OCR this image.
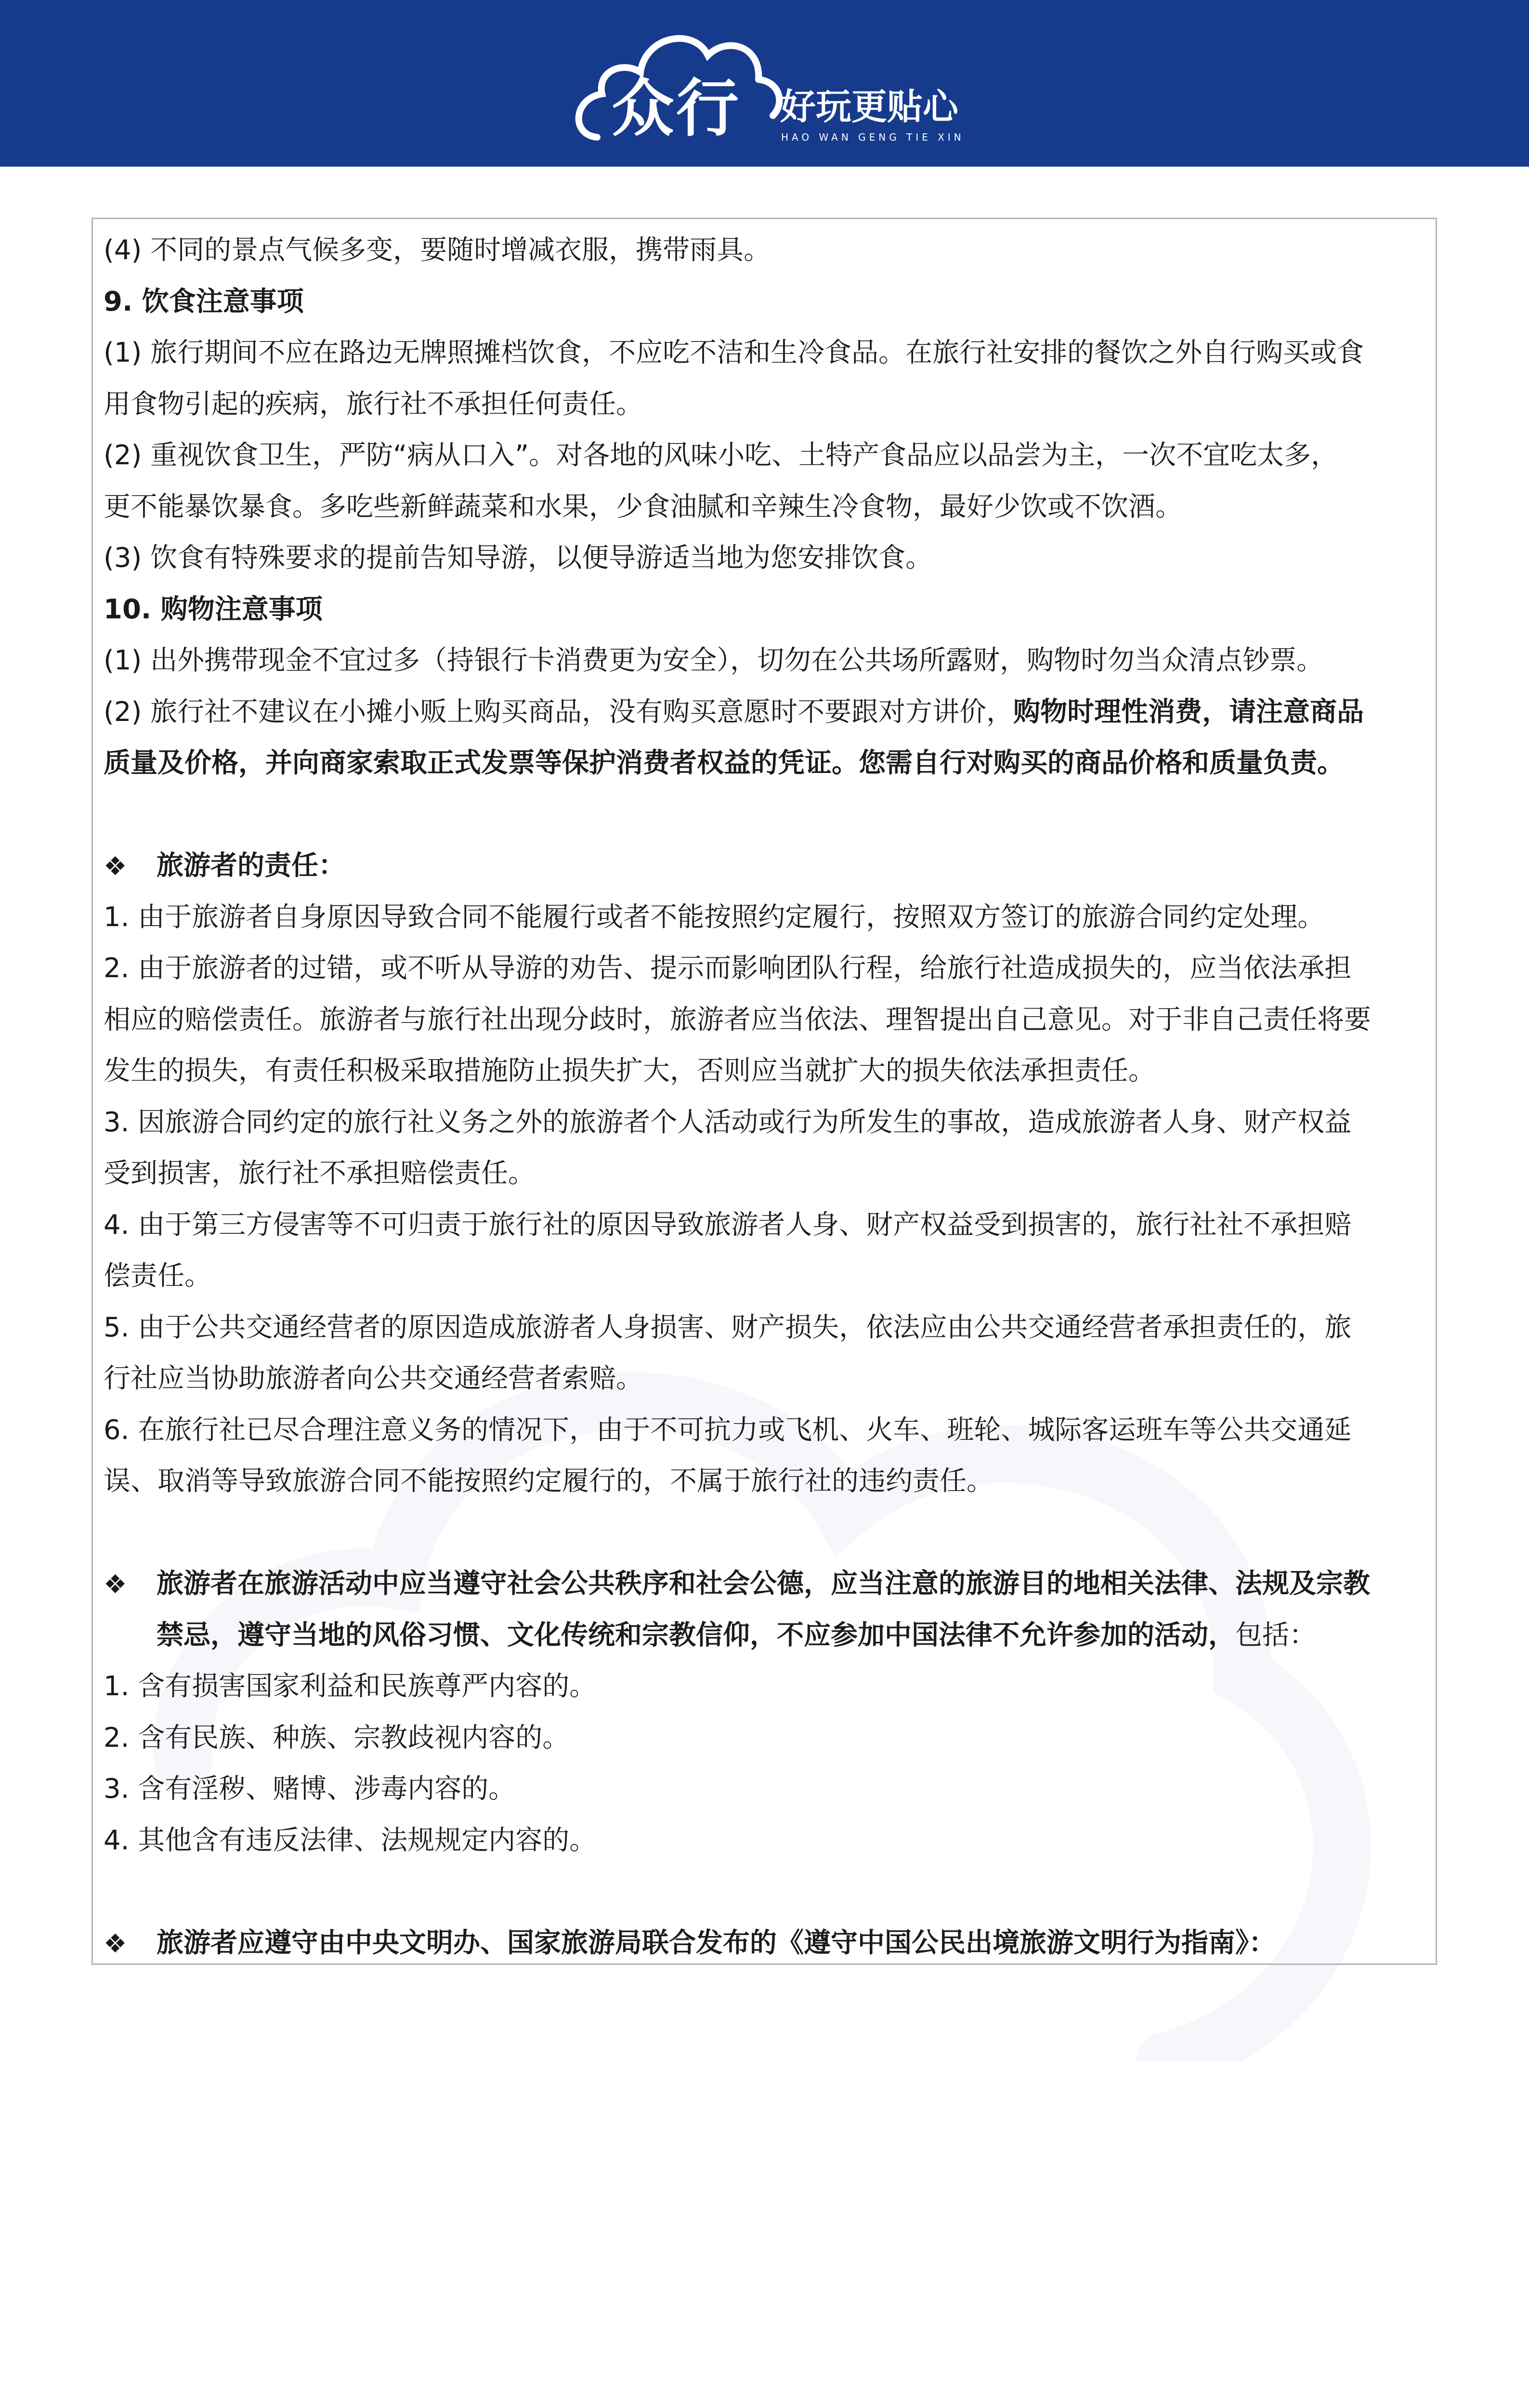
众行 好玩更贴心
HAO WAN GENG TIE XIN
(4) 不同的景点气候多变，要随时增减衣服，携带雨具。
9. 饮食注意事项
(1) 旅行期间不应在路边无牌照摊档饮食，不应吃不洁和生冷食品。在旅行社安排的餐饮之外自行购买或食
用食物引起的疾病，旅行社不承担任何责任。
(2) 重视饮食卫生，严防“病从口入”。对各地的风味小吃、土特产食品应以品尝为主，一次不宜吃太多，
更不能暴饮暴食。多吃些新鲜蔬菜和水果，少食油腻和辛辣生冷食物，最好少饮或不饮酒。
(3) 饮食有特殊要求的提前告知导游，以便导游适当地为您安排饮食。
10. 购物注意事项
(1) 出外携带现金不宜过多（持银行卡消费更为安全），切勿在公共场所露财，购物时勿当众清点钞票。
(2) 旅行社不建议在小摊小贩上购买商品，没有购买意愿时不要跟对方讲价，购物时理性消费，请注意商品
质量及价格，并向商家索取正式发票等保护消费者权益的凭证。您需自行对购买的商品价格和质量负责。
❖ 旅游者的责任：
1. 由于旅游者自身原因导致合同不能履行或者不能按照约定履行，按照双方签订的旅游合同约定处理。
2. 由于旅游者的过错，或不听从导游的劝告、提示而影响团队行程，给旅行社造成损失的，应当依法承担
相应的赔偿责任。旅游者与旅行社出现分歧时，旅游者应当依法、理智提出自己意见。对于非自己责任将要
发生的损失，有责任积极采取措施防止损失扩大，否则应当就扩大的损失依法承担责任。
3. 因旅游合同约定的旅行社义务之外的旅游者个人活动或行为所发生的事故，造成旅游者人身、财产权益
受到损害，旅行社不承担赔偿责任。
4. 由于第三方侵害等不可归责于旅行社的原因导致旅游者人身、财产权益受到损害的，旅行社社不承担赔
偿责任。
5. 由于公共交通经营者的原因造成旅游者人身损害、财产损失，依法应由公共交通经营者承担责任的，旅
行社应当协助旅游者向公共交通经营者索赔。
6. 在旅行社已尽合理注意义务的情况下，由于不可抗力或飞机、火车、班轮、城际客运班车等公共交通延
误、取消等导致旅游合同不能按照约定履行的，不属于旅行社的违约责任。
❖ 旅游者在旅游活动中应当遵守社会公共秩序和社会公德，应当注意的旅游目的地相关法律、法规及宗教
禁忌，遵守当地的风俗习惯、文化传统和宗教信仰，不应参加中国法律不允许参加的活动，包括：
1. 含有损害国家利益和民族尊严内容的。
2. 含有民族、种族、宗教歧视内容的。
3. 含有淫秽、赌博、涉毒内容的。
4. 其他含有违反法律、法规规定内容的。
❖ 旅游者应遵守由中央文明办、国家旅游局联合发布的《遵守中国公民出境旅游文明行为指南》：
